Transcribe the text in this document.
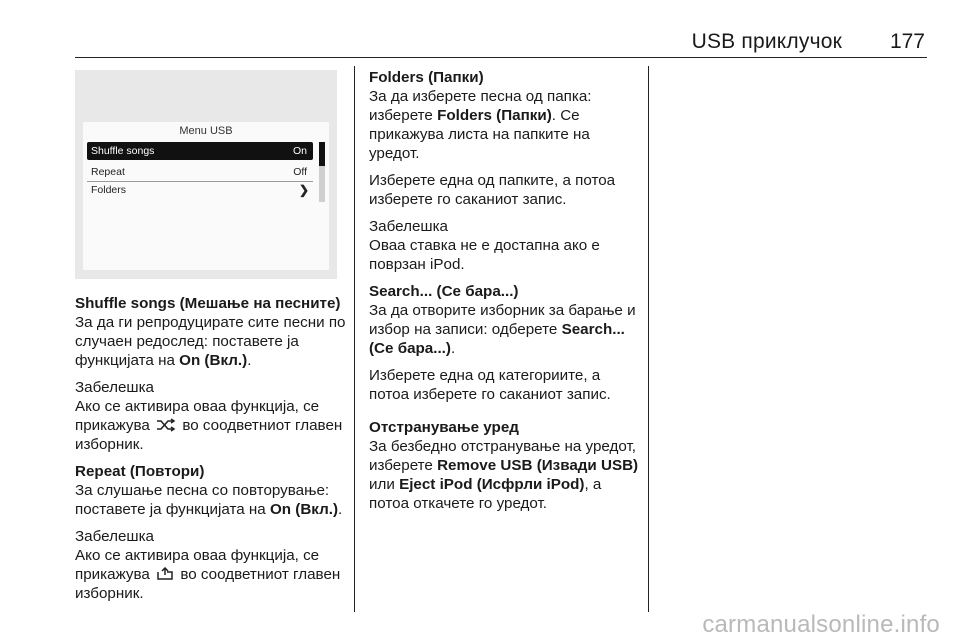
USB приклучок 177
Menu USB
Shuffle songs	On
Repeat	Off
Folders	❯

Shuffle songs (Мешање на песните)
За да ги репродуцирате сите песни по случаен редослед: поставете ја функцијата на On (Вкл.).

Забелешка
Ако се активира оваа функција, се прикажува во соодветниот главен изборник.

Repeat (Повтори)
За слушање песна со повторување: поставете ја функцијата на On (Вкл.).

Забелешка
Ако се активира оваа функција, се прикажува во соодветниот главен изборник.

Folders (Папки)
За да изберете песна од папка: изберете Folders (Папки). Се прикажува листа на папките на уредот.

Изберете една од папките, а потоа изберете го саканиот запис.

Забелешка
Оваа ставка не е достапна ако е поврзан iPod.

Search... (Се бара...)
За да отворите изборник за барање и избор на записи: одберете Search... (Се бара...).

Изберете една од категориите, а потоа изберете го саканиот запис.

Отстранување уред
За безбедно отстранување на уредот, изберете Remove USB (Извади USB) или Eject iPod (Исфрли iPod), а потоа откачете го уредот.

carmanualsonline.info
